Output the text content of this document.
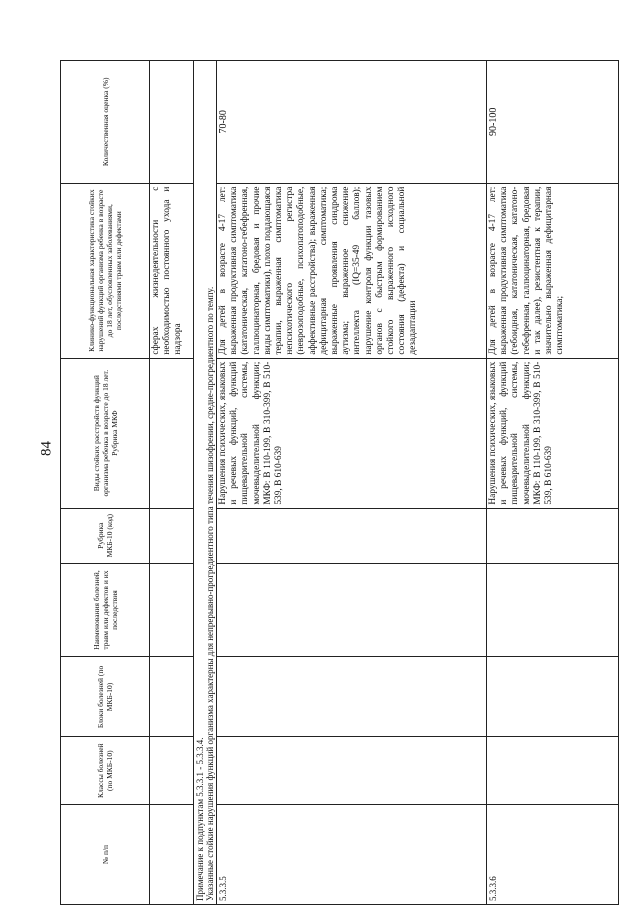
84
№ п/п	Классы болезней (по МКБ-10)	Блоки болезней (по МКБ-10)	Наименования болезней, травм или дефектов и их последствия	Рубрика МКБ-10 (код)	Виды стойких расстройств функций организма ребенка в возрасте до 18 лет. Рубрика МКФ	Клинико-функциональная характеристика стойких нарушений функций организма ребенка в возрасте до 18 лет, обусловленных заболеваниями, последствиями травм или дефектами	Количественная оценка (%)
						сферах жизнедеятельности с необходимостью постоянного ухода и надзора	

Примечание к подпунктам 5.3.3.1 - 5.3.3.4. Указанные стойкие нарушения функций организма характерны для непрерывно-прогредиентного типа течения шизофрении, средне-прогредиентного по темпу.							

5.3.3.5					Нарушения психических, языковых и речевых функций, функций пищеварительной системы, мочевыделительной функции; МКФ: В 110-199, В 310-399, В 510-539, В 610-639	Для детей в возрасте 4-17 лет: выраженная продуктивная симптоматика (кататоническая, кататоно-гебефренная, галлюцинаторная, бредовая и прочие виды симптоматики), плохо поддающаяся терапии, выраженная симптоматика непсихотического регистра (неврозоподобные, психопатоподобные, аффективные расстройства); выраженная дефицитарная симптоматика; выраженные проявления синдрома аутизма; выраженное снижение интеллекта (IQ=35-49 баллов); нарушение контроля функции тазовых органов с быстрым формированием стойкого выраженного исходного состояния (дефекта) и социальной дезадаптации	70-80
5.3.3.6					Нарушения психических, языковых и речевых функций, функций пищеварительной системы, мочевыделительной функции; МКФ: В 110-199, В 310-399, В 510-539, В 610-639	Для детей в возрасте 4-17 лет: выраженная продуктивная симптоматика (гебоидная, кататоническая, кататоно-гебефренная, галлюцинаторная, бредовая и так далее), резистентная к терапии, значительно выраженная дефицитарная симптоматика;	90-100
